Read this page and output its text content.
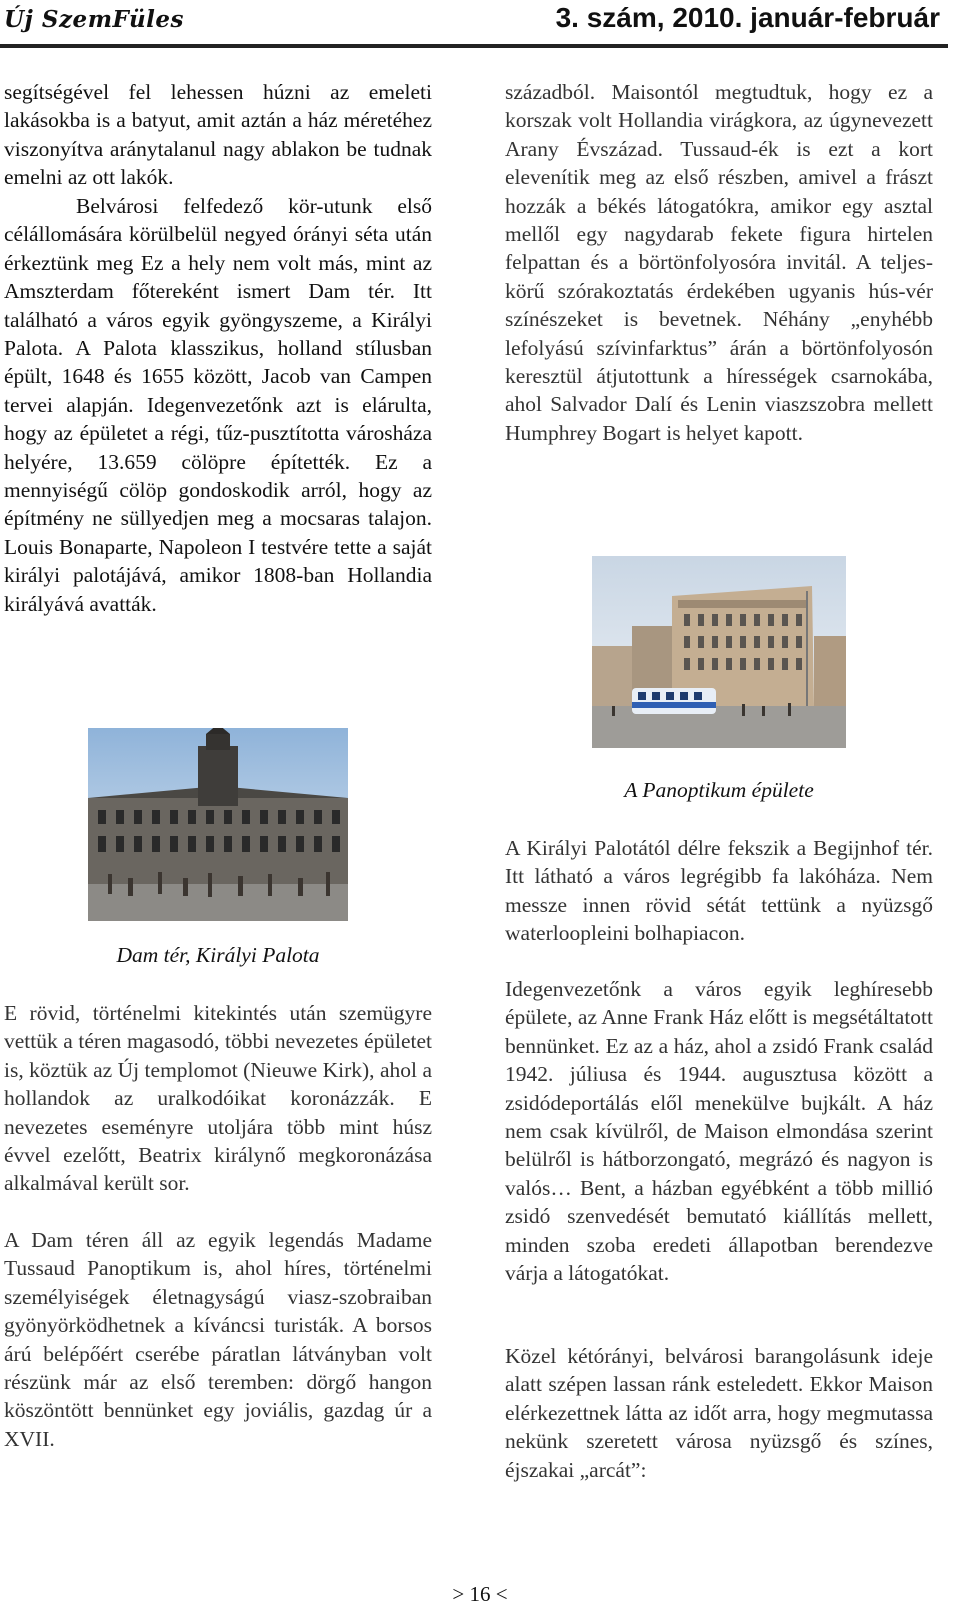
Új SzemFüles	3. szám, 2010. január-február

segítségével fel lehessen húzni az emeleti lakásokba is a batyut, amit aztán a ház méretéhez viszonyítva aránytalanul nagy ablakon be tudnak emelni az ott lakók.

Belvárosi felfedező kör-utunk első célállomására körülbelül negyed órányi séta után érkeztünk meg Ez a hely nem volt más, mint az Amszterdam főtereként ismert Dam tér. Itt található a város egyik gyöngyszeme, a Királyi Palota. A Palota klasszikus, holland stílusban épült, 1648 és 1655 között, Jacob van Campen tervei alapján. Idegenvezetőnk azt is elárulta, hogy az épületet a régi, tűz-pusztította városháza helyére, 13.659 cölöpre építették. Ez a mennyiségű cölöp gondoskodik arról, hogy az építmény ne süllyedjen meg a mocsaras talajon. Louis Bonaparte, Napoleon I testvére tette a saját királyi palotájává, amikor 1808-ban Hollandia királyává avatták.

Dam tér, Királyi Palota

E rövid, történelmi kitekintés után szemügyre vettük a téren magasodó, többi nevezetes épületet is, köztük az Új templomot (Nieuwe Kirk), ahol a hollandok az uralkodóikat koronázzák. E nevezetes eseményre utoljára több mint húsz évvel ezelőtt, Beatrix királynő megkoronázása alkalmával került sor.

A Dam téren áll az egyik legendás Madame Tussaud Panoptikum is, ahol híres, történelmi személyiségek életnagyságú viasz-szobraiban gyönyörködhetnek a kíváncsi turisták. A borsos árú belépőért cserébe páratlan látványban volt részünk már az első teremben: dörgő hangon köszöntött bennünket egy joviális, gazdag úr a XVII.

századból. Maisontól megtudtuk, hogy ez a korszak volt Hollandia virágkora, az úgynevezett Arany Évszázad. Tussaud-ék is ezt a kort elevenítik meg az első részben, amivel a frászt hozzák a békés látogatókra, amikor egy asztal mellől egy nagydarab fekete figura hirtelen felpattan és a börtönfolyosóra invitál. A teljes-körű szórakoztatás érdekében ugyanis hús-vér színészeket is bevetnek. Néhány „enyhébb lefolyású szívinfarktus” árán a börtönfolyosón keresztül átjutottunk a hírességek csarnokába, ahol Salvador Dalí és Lenin viaszszobra mellett Humphrey Bogart is helyet kapott.

A Panoptikum épülete

A Királyi Palotától délre fekszik a Begijnhof tér. Itt látható a város legrégibb fa lakóháza. Nem messze innen rövid sétát tettünk a nyüzsgő waterloopleini bolhapiacon.

Idegenvezetőnk a város egyik leghíresebb épülete, az Anne Frank Ház előtt is megsétáltatott bennünket. Ez az a ház, ahol a zsidó Frank család 1942. júliusa és 1944. augusztusa között a zsidódeportálás elől menekülve bujkált. A ház nem csak kívülről, de Maison elmondása szerint belülről is hátborzongató, megrázó és nagyon is valós… Bent, a házban egyébként a több millió zsidó szenvedését bemutató kiállítás mellett, minden szoba eredeti állapotban berendezve várja a látogatókat.

Közel kétórányi, belvárosi barangolásunk ideje alatt szépen lassan ránk esteledett. Ekkor Maison elérkezettnek látta az időt arra, hogy megmutassa nekünk szeretett városa nyüzsgő és színes, éjszakai „arcát”:

> 16 <
